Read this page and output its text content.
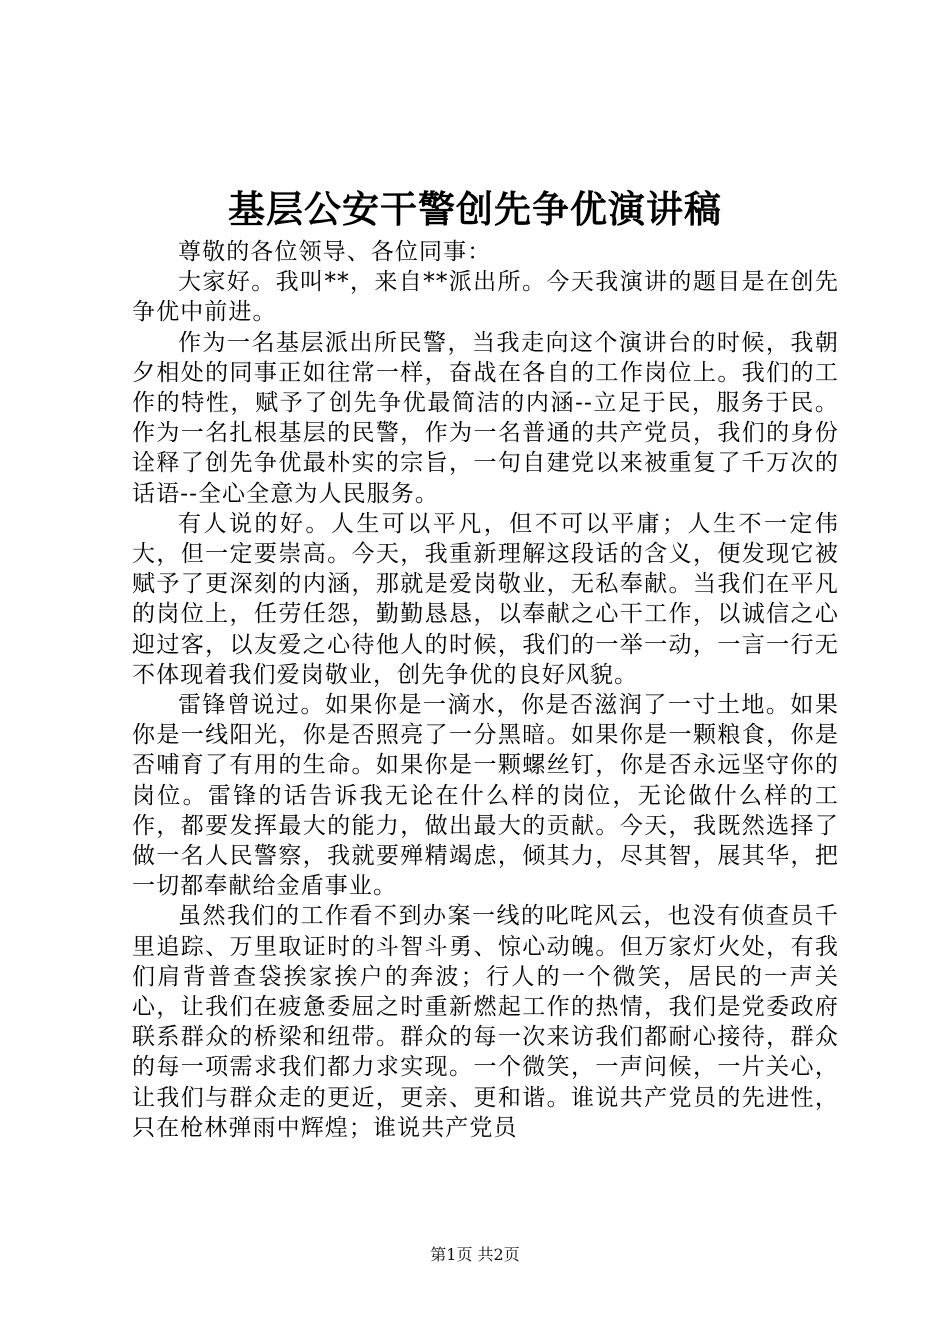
基层公安干警创先争优演讲稿

尊敬的各位领导、各位同事：

大家好。我叫**，来自**派出所。今天我演讲的题目是在创先争优中前进。

作为一名基层派出所民警，当我走向这个演讲台的时候，我朝夕相处的同事正如往常一样，奋战在各自的工作岗位上。我们的工作的特性，赋予了创先争优最简洁的内涵--立足于民，服务于民。作为一名扎根基层的民警，作为一名普通的共产党员，我们的身份诠释了创先争优最朴实的宗旨，一句自建党以来被重复了千万次的话语--全心全意为人民服务。

有人说的好。人生可以平凡，但不可以平庸；人生不一定伟大，但一定要崇高。今天，我重新理解这段话的含义，便发现它被赋予了更深刻的内涵，那就是爱岗敬业，无私奉献。当我们在平凡的岗位上，任劳任怨，勤勤恳恳，以奉献之心干工作，以诚信之心迎过客，以友爱之心待他人的时候，我们的一举一动，一言一行无不体现着我们爱岗敬业，创先争优的良好风貌。

雷锋曾说过。如果你是一滴水，你是否滋润了一寸土地。如果你是一线阳光，你是否照亮了一分黑暗。如果你是一颗粮食，你是否哺育了有用的生命。如果你是一颗螺丝钉，你是否永远坚守你的岗位。雷锋的话告诉我无论在什么样的岗位，无论做什么样的工作，都要发挥最大的能力，做出最大的贡献。今天，我既然选择了做一名人民警察，我就要殚精竭虑，倾其力，尽其智，展其华，把一切都奉献给金盾事业。

虽然我们的工作看不到办案一线的叱咤风云，也没有侦查员千里追踪、万里取证时的斗智斗勇、惊心动魄。但万家灯火处，有我们肩背普查袋挨家挨户的奔波；行人的一个微笑，居民的一声关心，让我们在疲惫委屈之时重新燃起工作的热情，我们是党委政府联系群众的桥梁和纽带。群众的每一次来访我们都耐心接待，群众的每一项需求我们都力求实现。一个微笑，一声问候，一片关心，让我们与群众走的更近，更亲、更和谐。谁说共产党员的先进性，只在枪林弹雨中辉煌；谁说共产党员

第1页 共2页
